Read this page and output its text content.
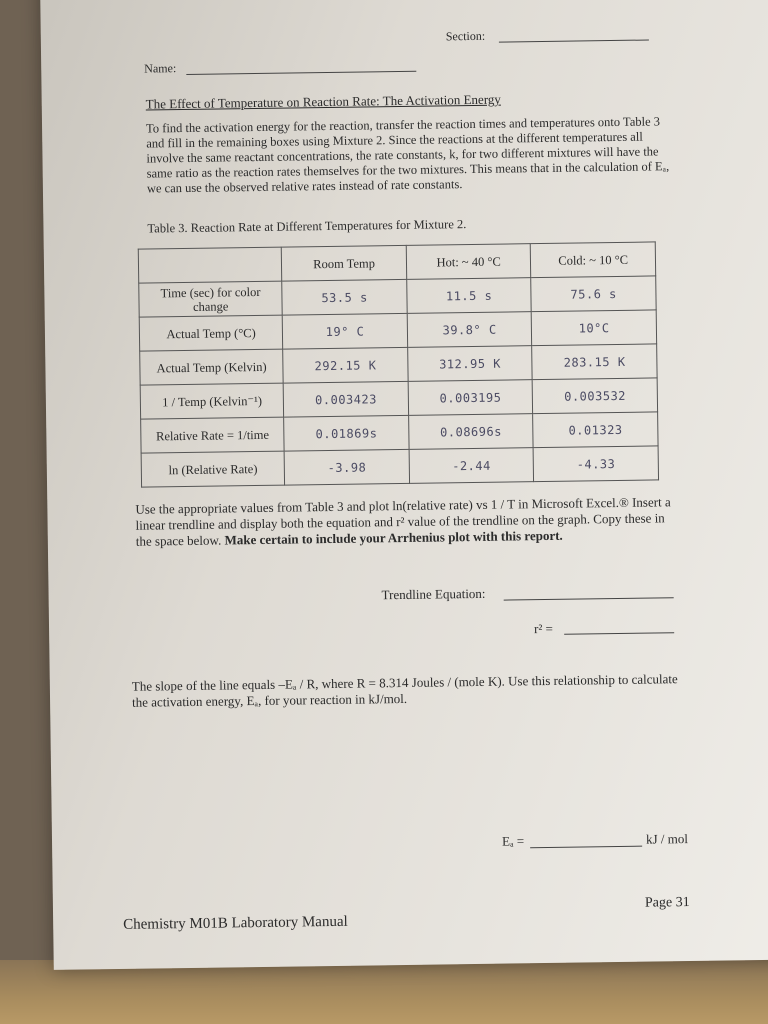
Name:
Section:
The Effect of Temperature on Reaction Rate: The Activation Energy
To find the activation energy for the reaction, transfer the reaction times and temperatures onto Table 3 and fill in the remaining boxes using Mixture 2. Since the reactions at the different temperatures all involve the same reactant concentrations, the rate constants, k, for two different mixtures will have the same ratio as the reaction rates themselves for the two mixtures. This means that in the calculation of Eₐ, we can use the observed relative rates instead of rate constants.
Table 3. Reaction Rate at Different Temperatures for Mixture 2.
	Room Temp	Hot: ~ 40 °C	Cold: ~ 10 °C
Time (sec) for color change	53.5 s	11.5 s	75.6 s
Actual Temp (°C)	19° C	39.8° C	10°C
Actual Temp (Kelvin)	292.15 K	312.95 K	283.15 K
1 / Temp (Kelvin⁻¹)	0.003423	0.003195	0.003532
Relative Rate = 1/time	0.01869s	0.08696s	0.01323
ln (Relative Rate)	-3.98	-2.44	-4.33
Use the appropriate values from Table 3 and plot ln(relative rate) vs 1 / T in Microsoft Excel.® Insert a linear trendline and display both the equation and r² value of the trendline on the graph. Copy these in the space below. Make certain to include your Arrhenius plot with this report.
Trendline Equation:
r² =
The slope of the line equals –Eₐ / R, where R = 8.314 Joules / (mole K). Use this relationship to calculate the activation energy, Eₐ, for your reaction in kJ/mol.
Eₐ =	kJ / mol
Chemistry M01B Laboratory Manual
Page 31
